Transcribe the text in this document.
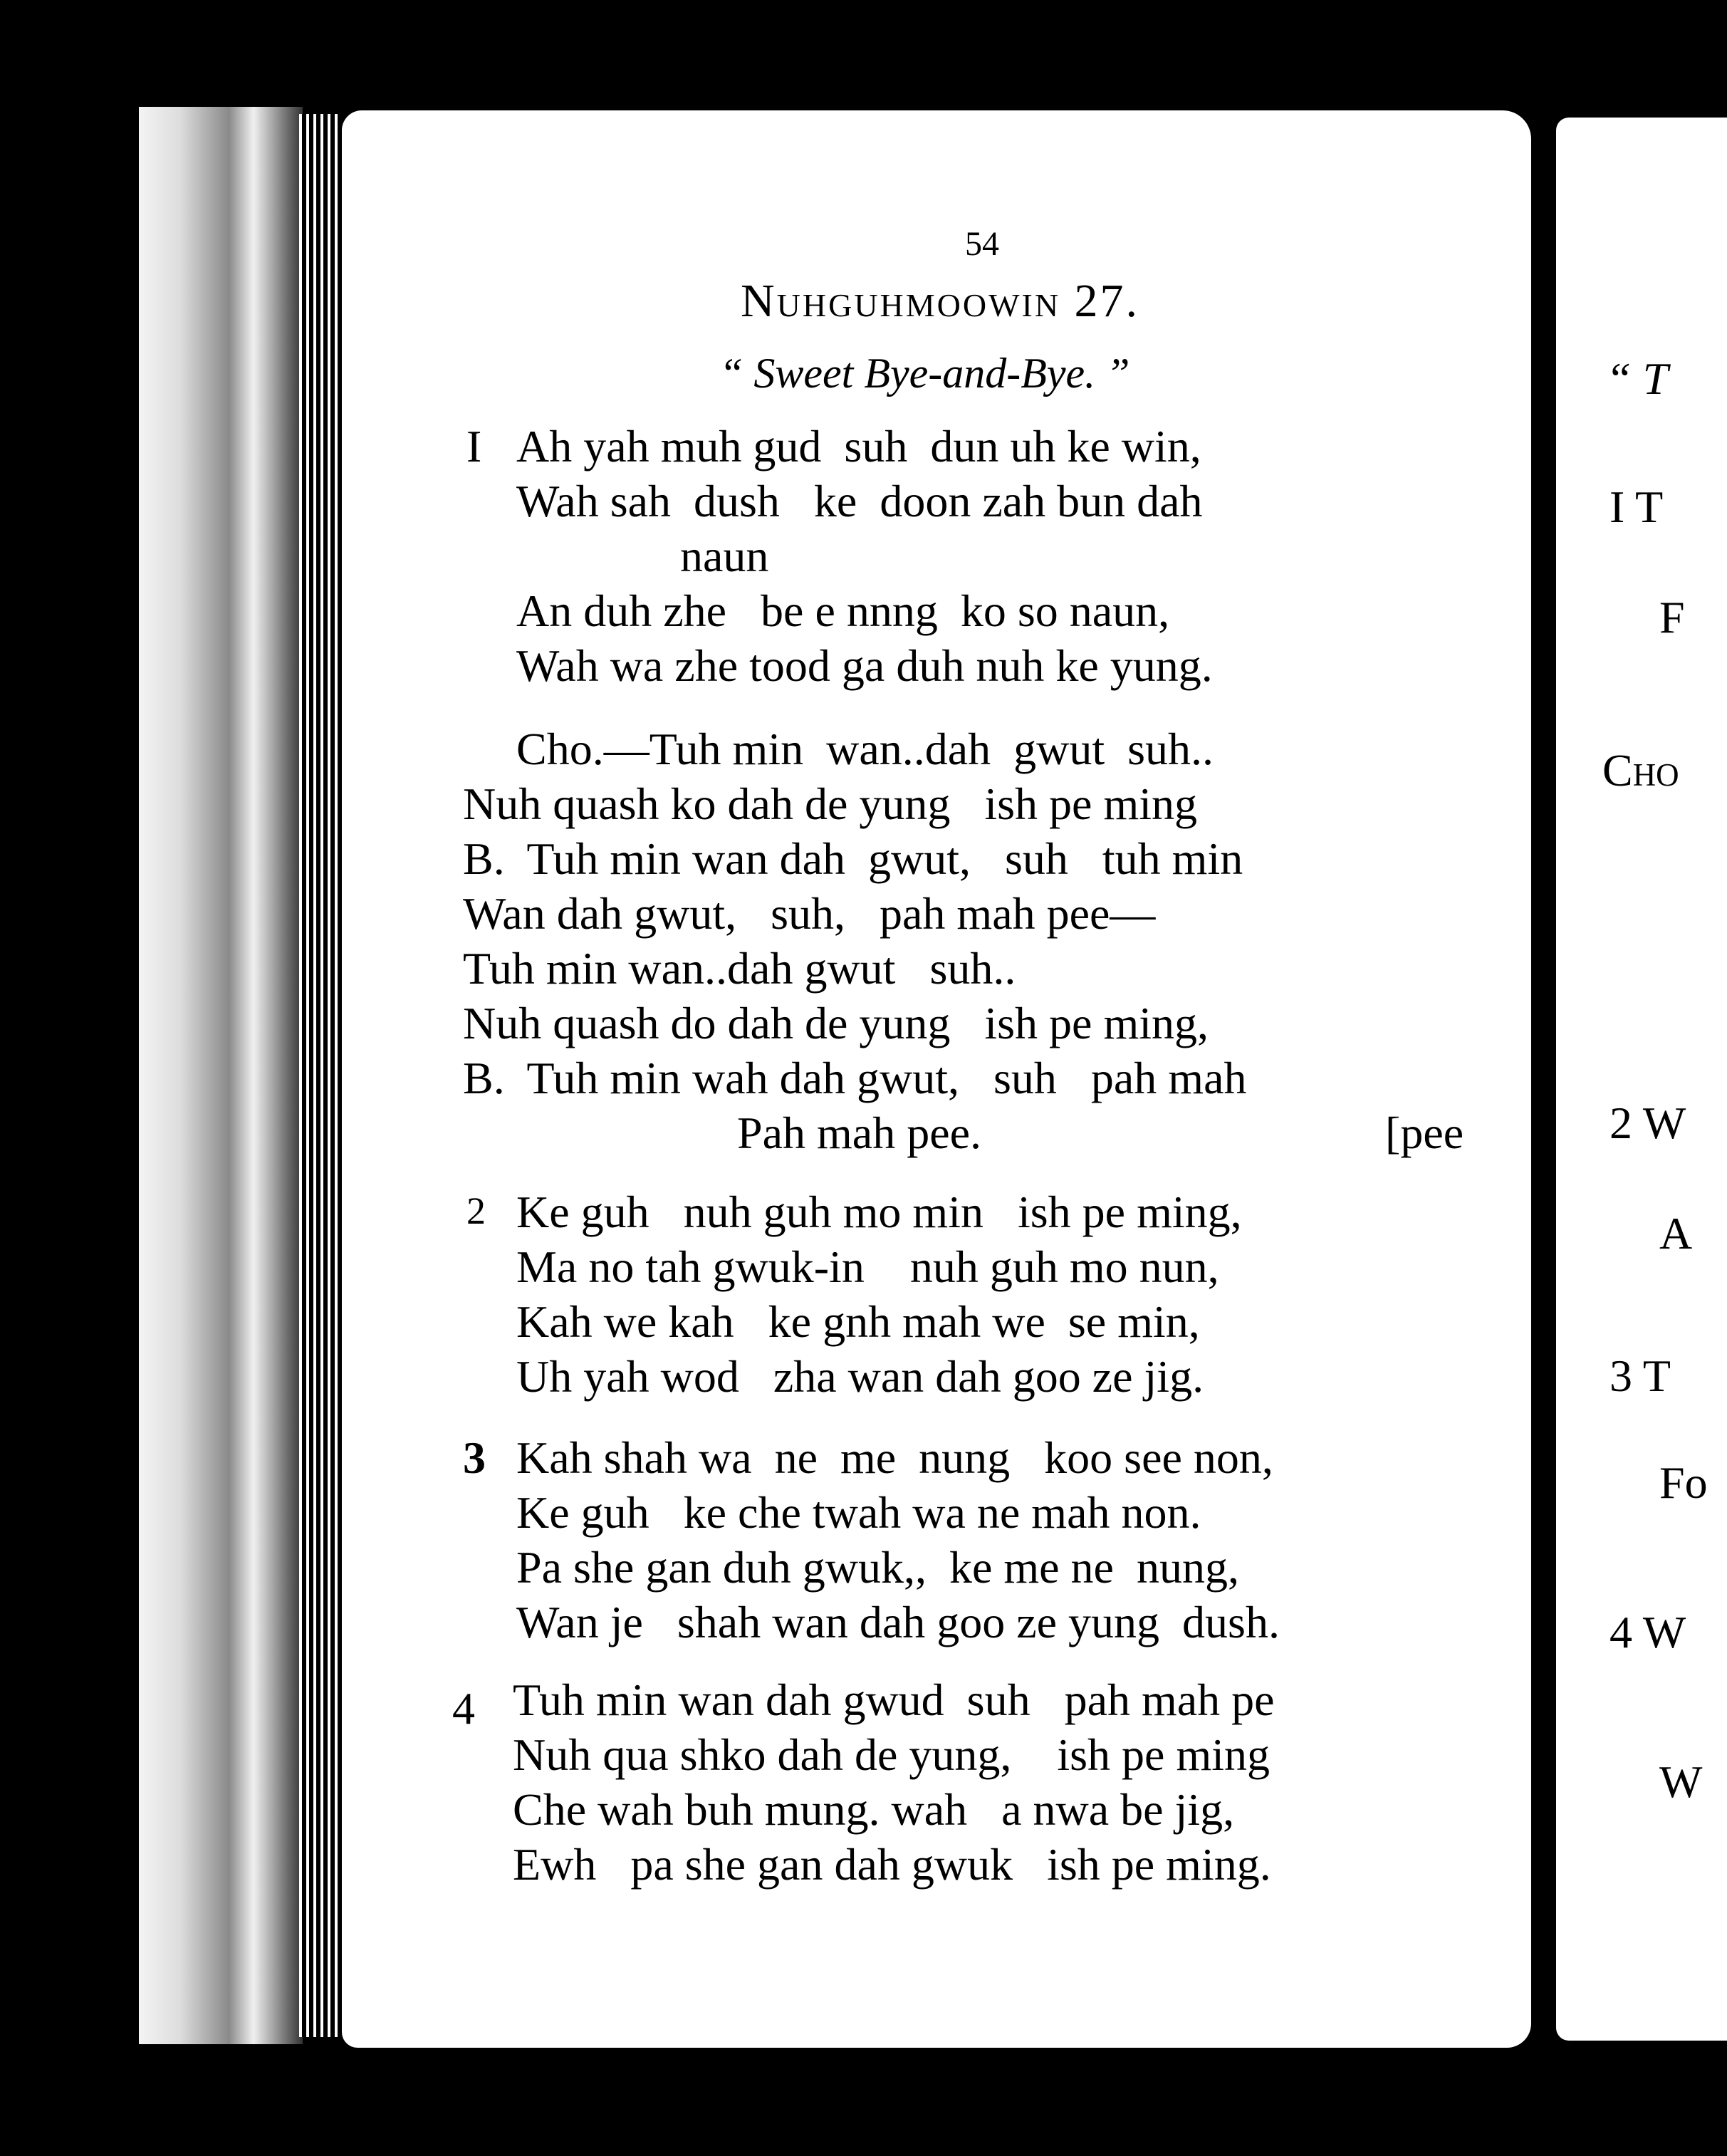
54
Nuhguhmoowin 27.
“ Sweet Bye-and-Bye. ”
I Ah yah muh gud  suh  dun uh ke win,
Wah sah  dush   ke  doon zah bun dah
naun
An duh zhe   be e nnng  ko so naun,
Wah wa zhe tood ga duh nuh ke yung.
Cho.—Tuh min  wan..dah  gwut  suh..
Nuh quash ko dah de yung   ish pe ming
B.  Tuh min wan dah  gwut,   suh   tuh min
Wan dah gwut,   suh,   pah mah pee—
Tuh min wan..dah gwut   suh..
Nuh quash do dah de yung   ish pe ming,
B.  Tuh min wah dah gwut,   suh   pah mah
Pah mah pee.	[pee
2 Ke guh   nuh guh mo min   ish pe ming,
Ma no tah gwuk-in    nuh guh mo nun,
Kah we kah   ke gnh mah we  se min,
Uh yah wod   zha wan dah goo ze jig.
3 Kah shah wa  ne  me  nung   koo see non,
Ke guh   ke che twah wa ne mah non.
Pa she gan duh gwuk,,  ke me ne  nung,
Wan je   shah wan dah goo ze yung  dush.
4 Tuh min wan dah gwud  suh   pah mah pe
Nuh qua shko dah de yung,    ish pe ming
Che wah buh mung. wah   a nwa be jig,
Ewh   pa she gan dah gwuk   ish pe ming.
“ T
I T
F
Cho
2 W
A
3 T
Fo
4 W
W
